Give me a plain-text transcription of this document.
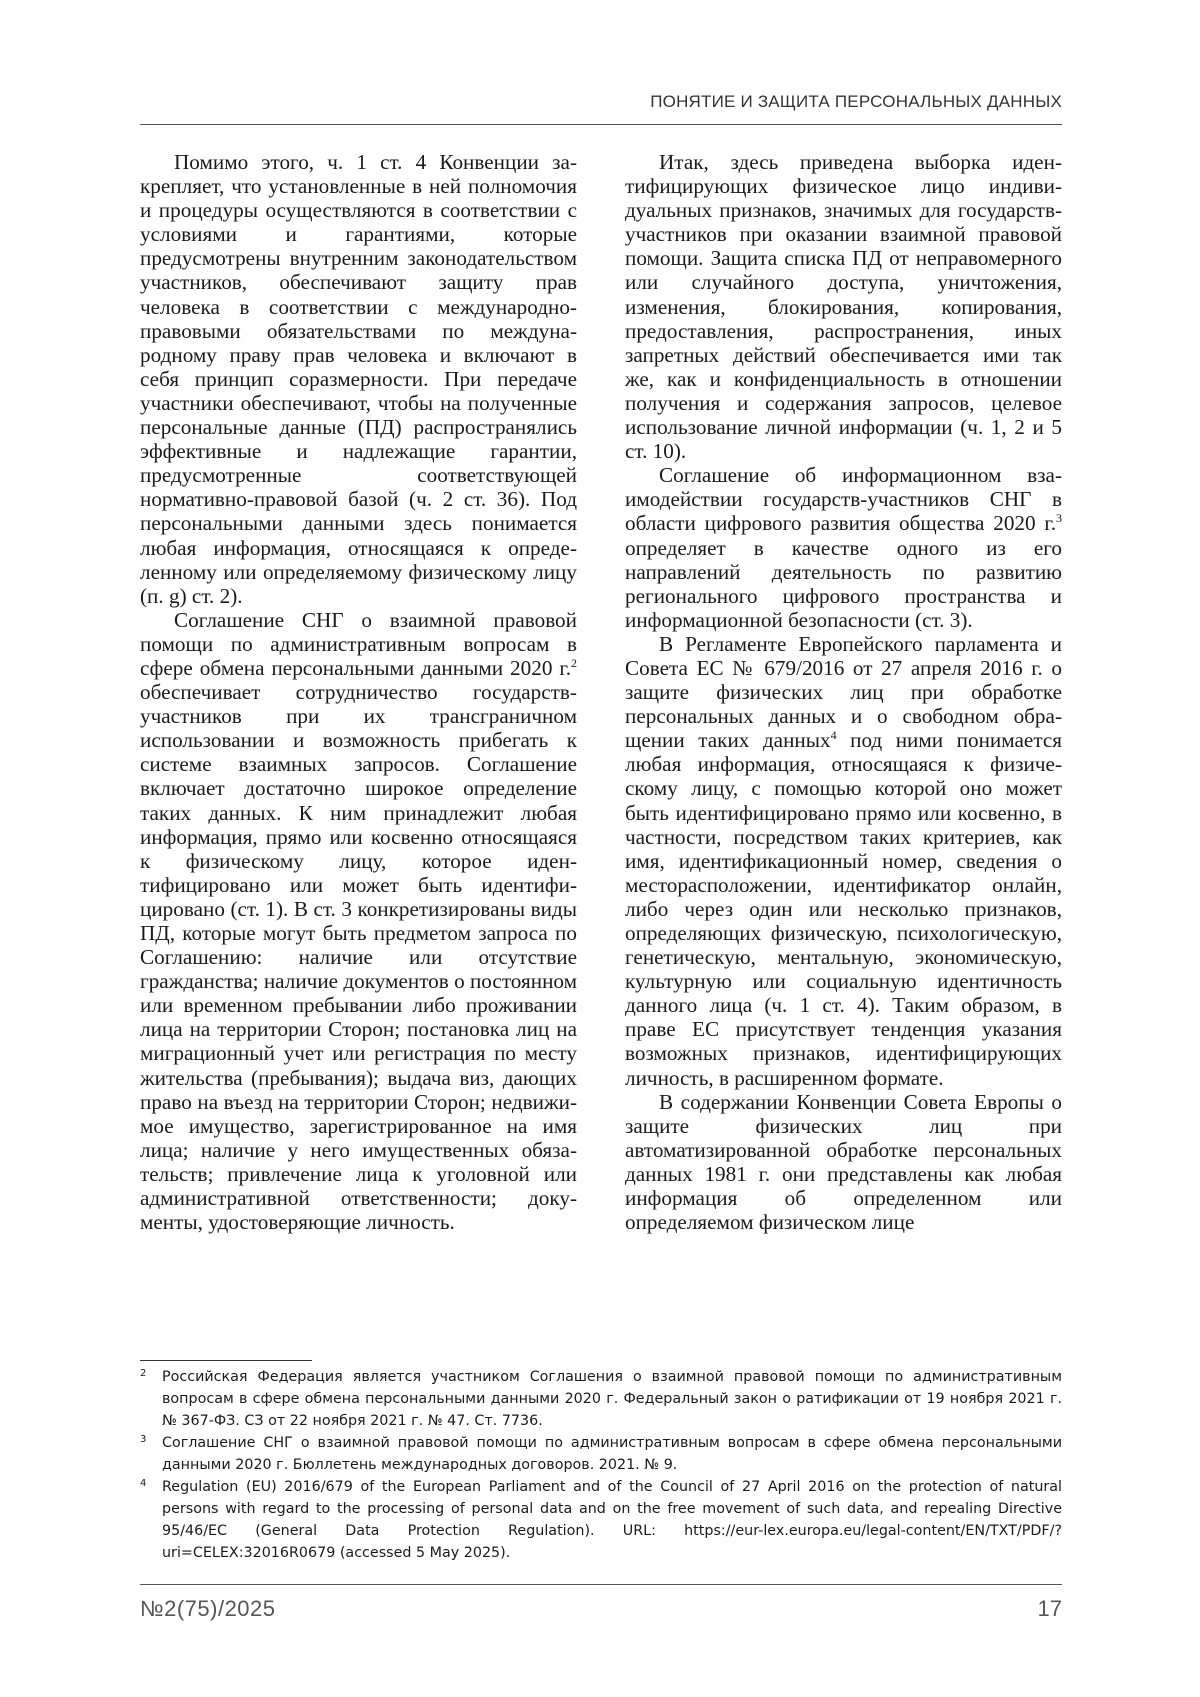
ПОНЯТИЕ И ЗАЩИТА ПЕРСОНАЛЬНЫХ ДАННЫХ

Помимо этого, ч. 1 ст. 4 Конвенции закрепляет, что установленные в ней полномочия и процедуры осуществляются в соответствии с условиями и гарантиями, которые предусмотрены внутренним законодательством участников, обеспечивают защиту прав человека в соответствии с международно-правовыми обязательствами по международному праву прав человека и включают в себя принцип соразмерности. При передаче участники обеспечивают, чтобы на полученные персональные данные (ПД) распространялись эффективные и надлежащие гарантии, предусмотренные соответствующей нормативно-правовой базой (ч. 2 ст. 36). Под персональными данными здесь понимается любая информация, относящаяся к определенному или определяемому физическому лицу (п. g) ст. 2).

Соглашение СНГ о взаимной правовой помощи по административным вопросам в сфере обмена персональными данными 2020 г.$^2$ обеспечивает сотрудничество государств-участников при их трансграничном использовании и возможность прибегать к системе взаимных запросов. Соглашение включает достаточно широкое определение таких данных. К ним принадлежит любая информация, прямо или косвенно относящаяся к физическому лицу, которое идентифицировано или может быть идентифицировано (ст. 1). В ст. 3 конкретизированы виды ПД, которые могут быть предметом запроса по Соглашению: наличие или отсутствие гражданства; наличие документов о постоянном или временном пребывании либо проживании лица на территории Сторон; постановка лиц на миграционный учет или регистрация по месту жительства (пребывания); выдача виз, дающих право на въезд на территории Сторон; недвижимое имущество, зарегистрированное на имя лица; наличие у него имущественных обязательств; привлечение лица к уголовной или административной ответственности; документы, удостоверяющие личность.

Итак, здесь приведена выборка идентифицирующих физическое лицо индивидуальных признаков, значимых для государств-участников при оказании взаимной правовой помощи. Защита списка ПД от неправомерного или случайного доступа, уничтожения, изменения, блокирования, копирования, предоставления, распространения, иных запретных действий обеспечивается ими так же, как и конфиденциальность в отношении получения и содержания запросов, целевое использование личной информации (ч. 1, 2 и 5 ст. 10).

Соглашение об информационном взаимодействии государств-участников СНГ в области цифрового развития общества 2020 г.$^3$ определяет в качестве одного из его направлений деятельность по развитию регионального цифрового пространства и информационной безопасности (ст. 3).

В Регламенте Европейского парламента и Совета ЕС № 679/2016 от 27 апреля 2016 г. о защите физических лиц при обработке персональных данных и о свободном обращении таких данных$^4$ под ними понимается любая информация, относящаяся к физическому лицу, с помощью которой оно может быть идентифицировано прямо или косвенно, в частности, посредством таких критериев, как имя, идентификационный номер, сведения о месторасположении, идентификатор онлайн, либо через один или несколько признаков, определяющих физическую, психологическую, генетическую, ментальную, экономическую, культурную или социальную идентичность данного лица (ч. 1 ст. 4). Таким образом, в праве ЕС присутствует тенденция указания возможных признаков, идентифицирующих личность, в расширенном формате.

В содержании Конвенции Совета Европы о защите физических лиц при автоматизированной обработке персональных данных 1981 г. они представлены как любая информация об определенном или определяемом физическом лице

2	Российская Федерация является участником Соглашения о взаимной правовой помощи по административным вопросам в сфере обмена персональными данными 2020 г. Федеральный закон о ратификации от 19 ноября 2021 г. № 367-ФЗ. СЗ от 22 ноября 2021 г. № 47. Ст. 7736.
3	Соглашение СНГ о взаимной правовой помощи по административным вопросам в сфере обмена персональными данными 2020 г. Бюллетень международных договоров. 2021. № 9.
4	Regulation (EU) 2016/679 of the European Parliament and of the Council of 27 April 2016 on the protection of natural persons with regard to the processing of personal data and on the free movement of such data, and repealing Directive 95/46/EC (General Data Protection Regulation). URL: https://eur-lex.europa.eu/legal-content/EN/TXT/PDF/?uri=CELEX:32016R0679 (accessed 5 May 2025).
№2(75)/2025	17
